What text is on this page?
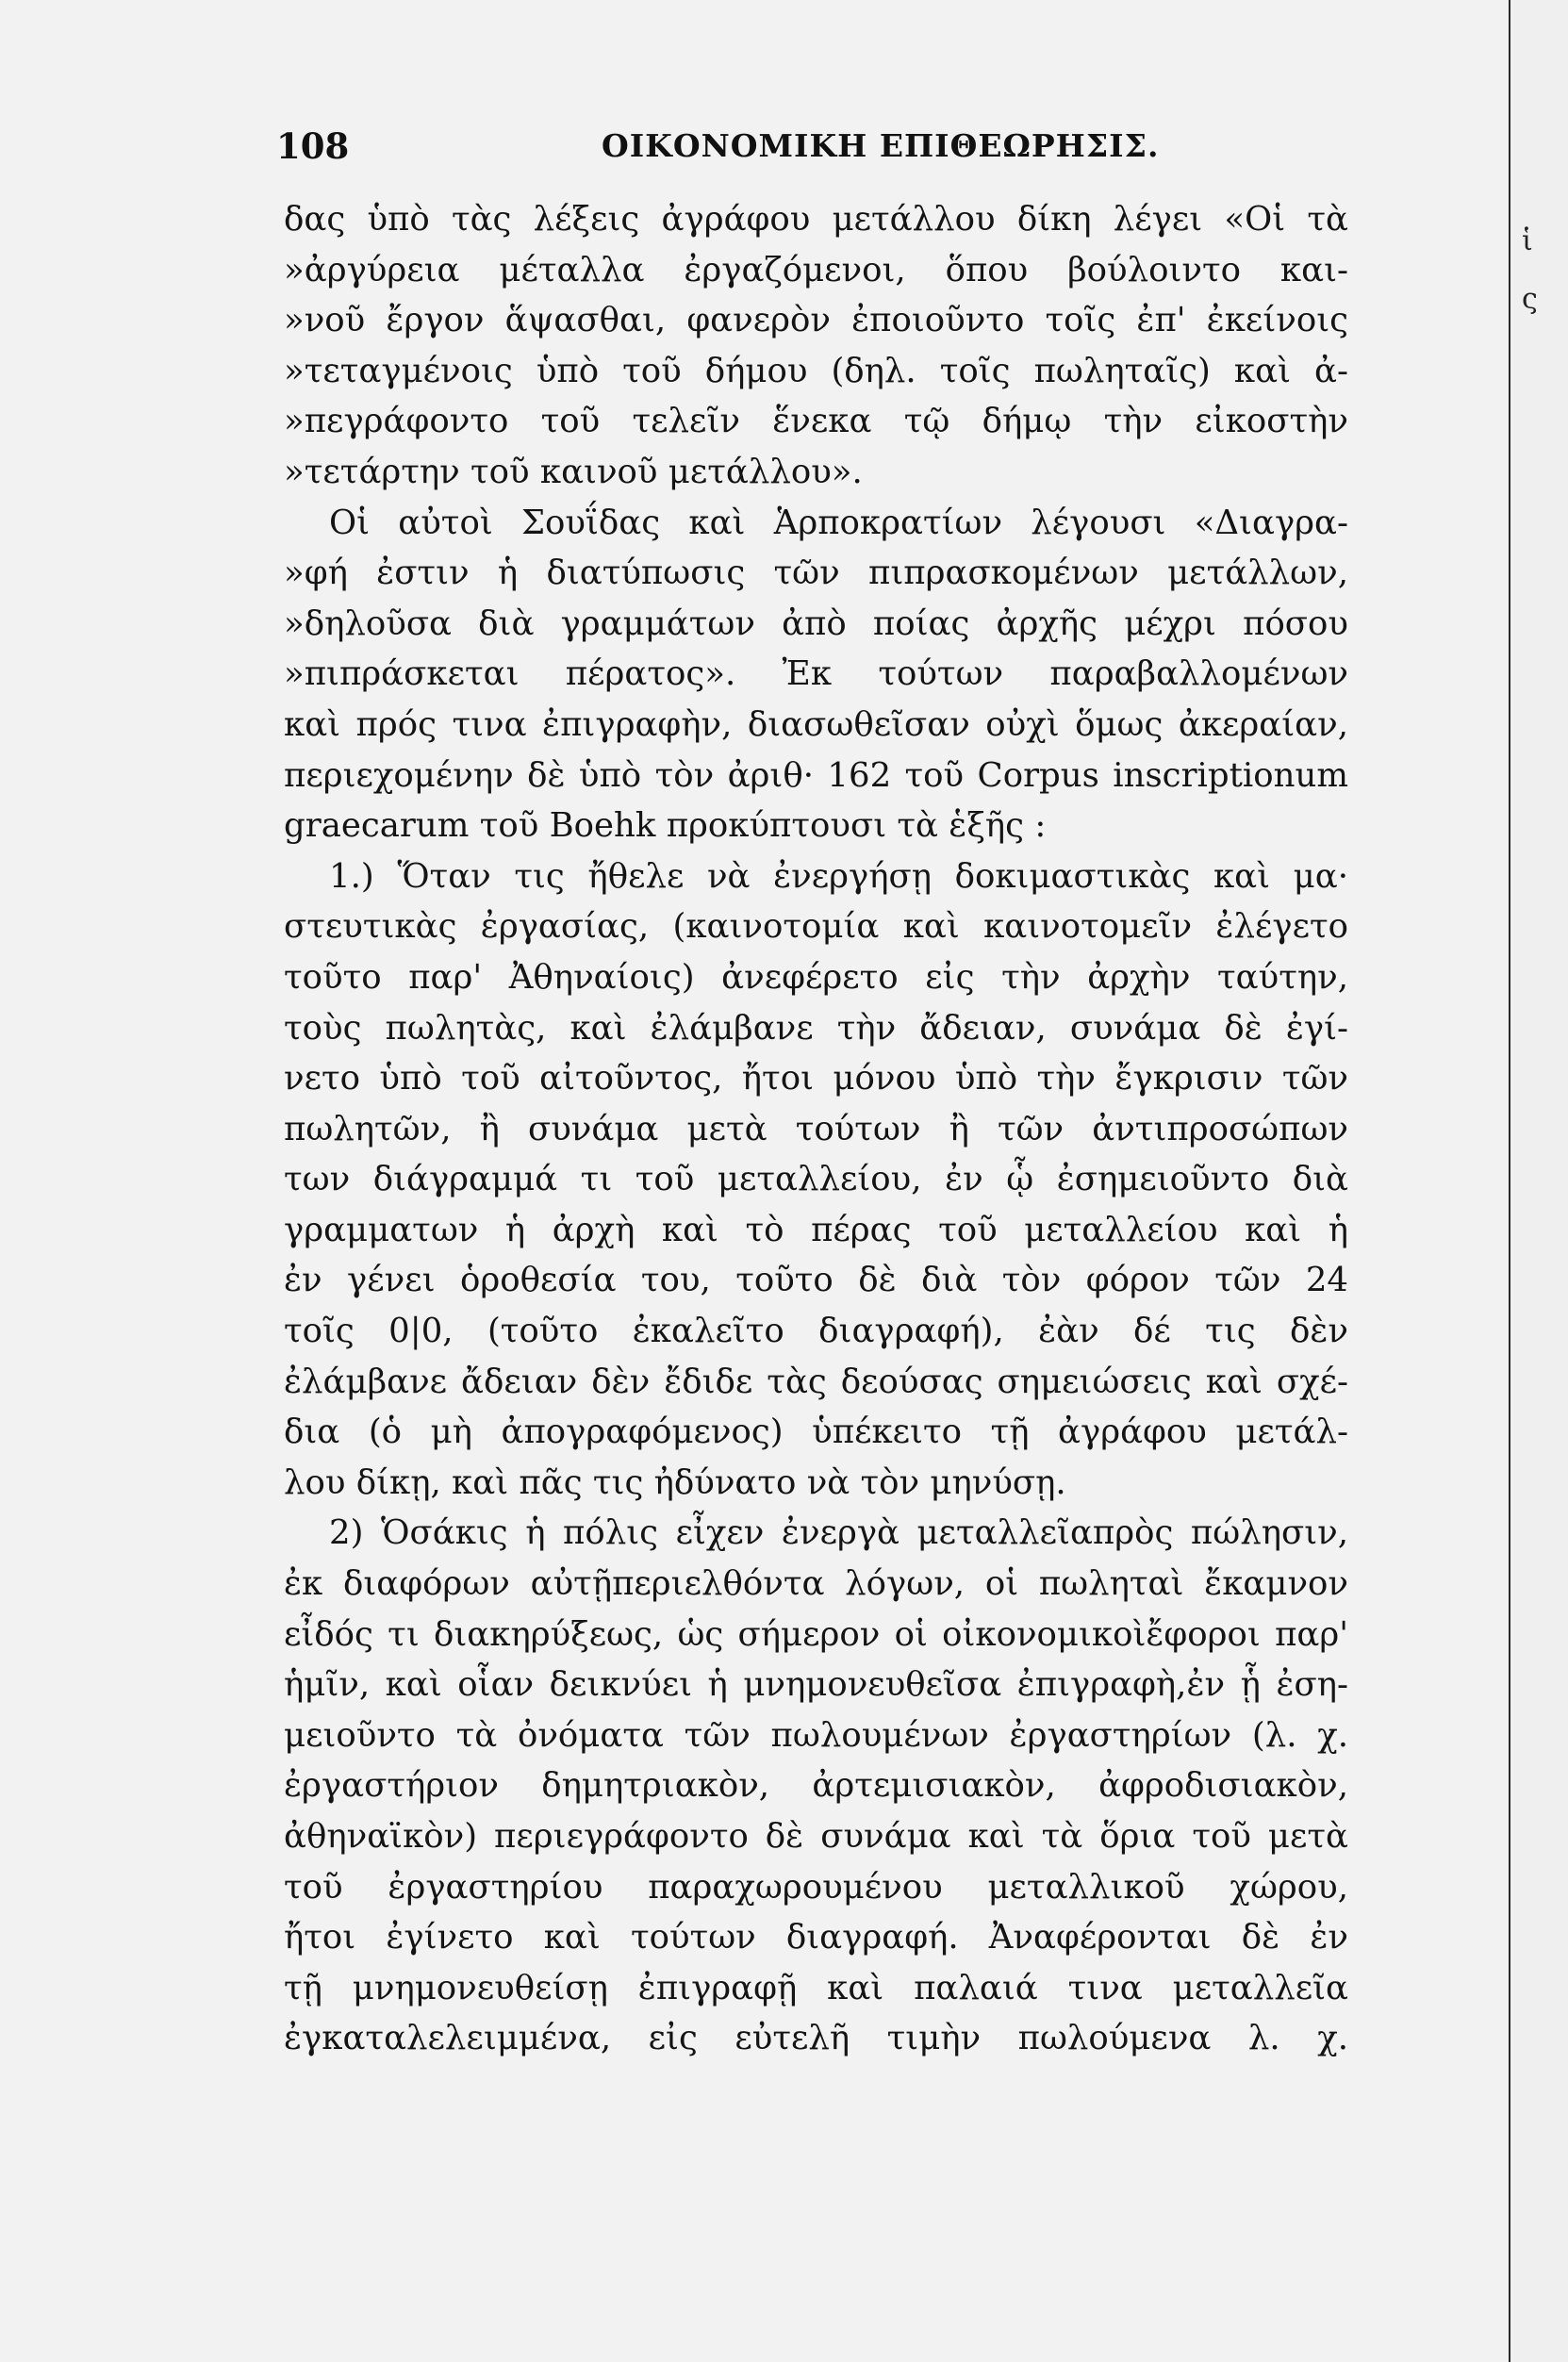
108	ΟΙΚΟΝΟΜΙΚΗ ΕΠΙΘΕΩΡΗΣΙΣ.
δας ὑπὸ τὰς λέξεις ἀγράφου μετάλλου δίκη λέγει «Οἱ τὰ
»ἀργύρεια μέταλλα ἐργαζόμενοι, ὅπου βούλοιντο και-
»νοῦ ἔργον ἅψασθαι, φανερὸν ἐποιοῦντο τοῖς ἐπ' ἐκείνοις
»τεταγμένοις ὑπὸ τοῦ δήμου (δηλ. τοῖς πωληταῖς) καὶ ἀ-
»πεγράφοντο τοῦ τελεῖν ἕνεκα τῷ δήμῳ τὴν εἰκοστὴν
»τετάρτην τοῦ καινοῦ μετάλλου».
Οἱ αὐτοὶ Σουΐδας καὶ Ἁρποκρατίων λέγουσι «Διαγρα-
»φή ἐστιν ἡ διατύπωσις τῶν πιπρασκομένων μετάλλων,
»δηλοῦσα διὰ γραμμάτων ἀπὸ ποίας ἀρχῆς μέχρι πόσου
»πιπράσκεται πέρατος». Ἐκ τούτων παραβαλλομένων
καὶ πρός τινα ἐπιγραφὴν, διασωθεῖσαν οὐχὶ ὅμως ἀκεραίαν,
περιεχομένην δὲ ὑπὸ τὸν ἀριθ· 162 τοῦ Corpus inscriptionum
graecarum τοῦ Boehk προκύπτουσι τὰ ἑξῆς :
1.) Ὅταν τις ἤθελε νὰ ἐνεργήσῃ δοκιμαστικὰς καὶ μα·
στευτικὰς ἐργασίας, (καινοτομία καὶ καινοτομεῖν ἐλέγετο
τοῦτο παρ' Ἀθηναίοις) ἀνεφέρετο εἰς τὴν ἀρχὴν ταύτην,
τοὺς πωλητὰς, καὶ ἐλάμβανε τὴν ἄδειαν, συνάμα δὲ ἐγί-
νετο ὑπὸ τοῦ αἰτοῦντος, ἤτοι μόνου ὑπὸ τὴν ἔγκρισιν τῶν
πωλητῶν, ἢ συνάμα μετὰ τούτων ἢ τῶν ἀντιπροσώπων
των διάγραμμά τι τοῦ μεταλλείου, ἐν ᾧ ἐσημειοῦντο διὰ
γραμματων ἡ ἀρχὴ καὶ τὸ πέρας τοῦ μεταλλείου καὶ ἡ
ἐν γένει ὁροθεσία του, τοῦτο δὲ διὰ τὸν φόρον τῶν 24
τοῖς 0|0, (τοῦτο ἐκαλεῖτο διαγραφή), ἐὰν δέ τις δὲν
ἐλάμβανε ἄδειαν δὲν ἔδιδε τὰς δεούσας σημειώσεις καὶ σχέ-
δια (ὁ μὴ ἀπογραφόμενος) ὑπέκειτο τῇ ἀγράφου μετάλ-
λου δίκῃ, καὶ πᾶς τις ἠδύνατο νὰ τὸν μηνύσῃ.
2) Ὁσάκις ἡ πόλις εἶχεν ἐνεργὰ μεταλλεῖαπρὸς πώλησιν,
ἐκ διαφόρων αὐτῇπεριελθόντα λόγων, οἱ πωληταὶ ἔκαμνον
εἶδός τι διακηρύξεως, ὡς σήμερον οἱ οἰκονομικοὶἔφοροι παρ'
ἡμῖν, καὶ οἷαν δεικνύει ἡ μνημονευθεῖσα ἐπιγραφὴ,ἐν ᾗ ἐση-
μειοῦντο τὰ ὀνόματα τῶν πωλουμένων ἐργαστηρίων (λ. χ.
ἐργαστήριον δημητριακὸν, ἀρτεμισιακὸν, ἀφροδισιακὸν,
ἀθηναϊκὸν) περιεγράφοντο δὲ συνάμα καὶ τὰ ὅρια τοῦ μετὰ
τοῦ ἐργαστηρίου παραχωρουμένου μεταλλικοῦ χώρου,
ἤτοι ἐγίνετο καὶ τούτων διαγραφή. Ἀναφέρονται δὲ ἐν
τῇ μνημονευθείσῃ ἐπιγραφῇ καὶ παλαιά τινα μεταλλεῖα
ἐγκαταλελειμμένα, εἰς εὐτελῆ τιμὴν πωλούμενα λ. χ.
ἱ
ς
